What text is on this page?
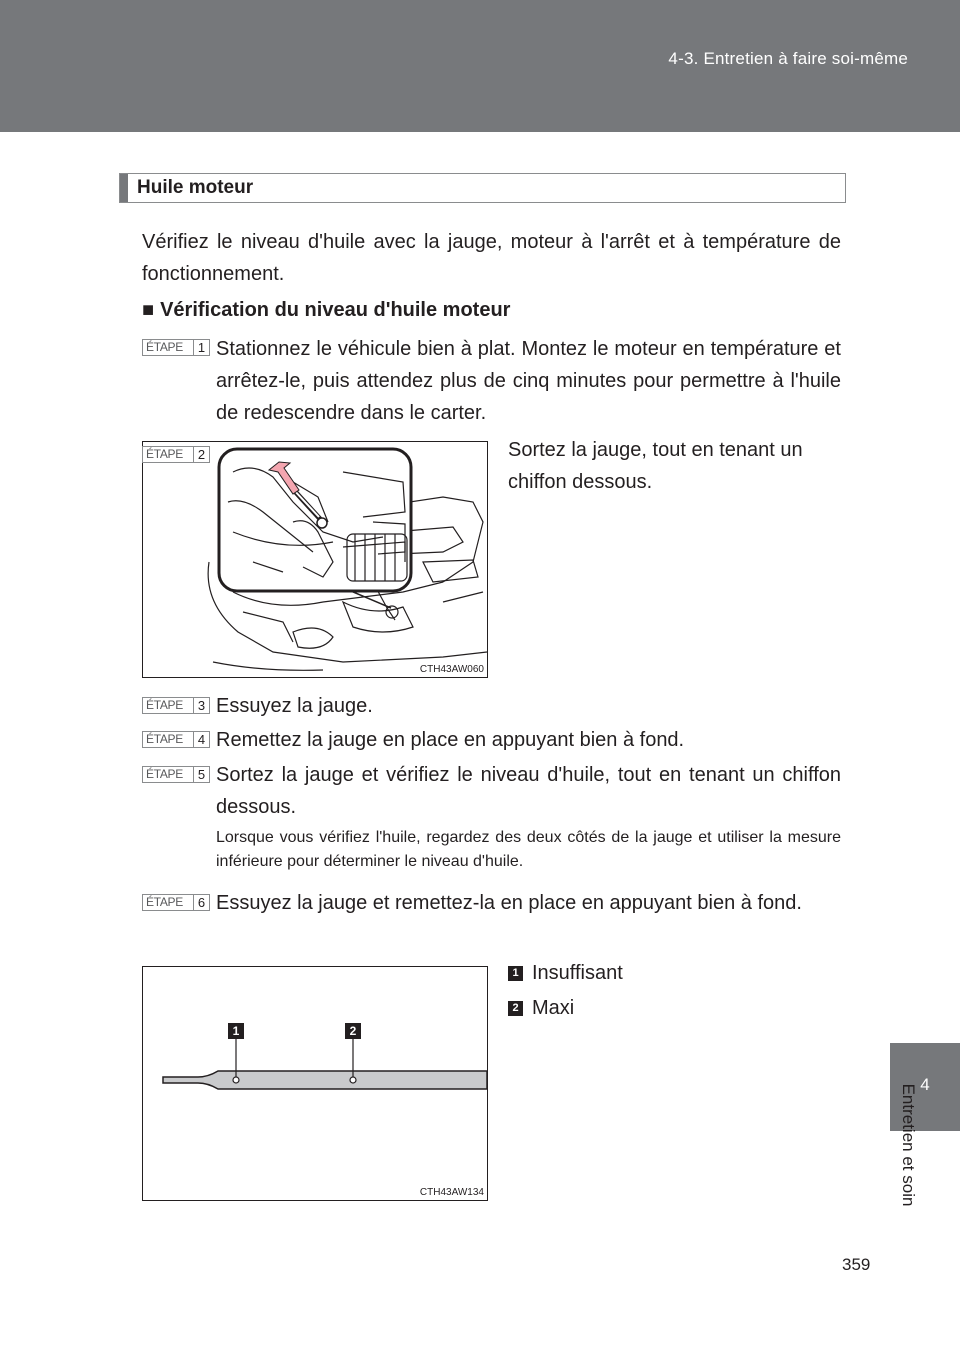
4-3. Entretien à faire soi-même
4
Entretien et soin
Huile moteur
Vérifiez le niveau d'huile avec la jauge, moteur à l'arrêt et à température de fonctionnement.
■ Vérification du niveau d'huile moteur
ÉTAPE	1 Stationnez le véhicule bien à plat. Montez le moteur en température et arrêtez-le, puis attendez plus de cinq minutes pour permettre à l'huile de redescendre dans le carter.
ÉTAPE	2
CTH43AW060
Sortez la jauge, tout en tenant un chiffon dessous.
ÉTAPE	3 Essuyez la jauge.
ÉTAPE	4 Remettez la jauge en place en appuyant bien à fond.
ÉTAPE	5 Sortez la jauge et vérifiez le niveau d'huile, tout en tenant un chiffon dessous.
Lorsque vous vérifiez l'huile, regardez des deux côtés de la jauge et utiliser la mesure inférieure pour déterminer le niveau d'huile.
ÉTAPE	6 Essuyez la jauge et remettez-la en place en appuyant bien à fond.
1	2
CTH43AW134
1 Insuffisant
2 Maxi
359
